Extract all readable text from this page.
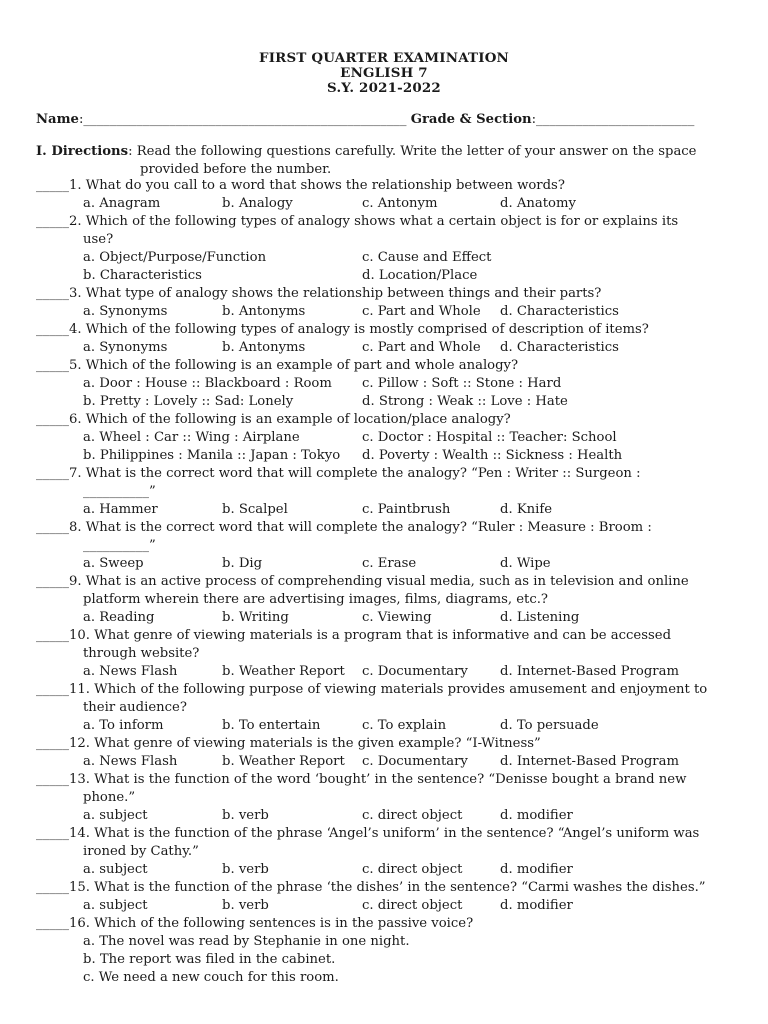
FIRST QUARTER EXAMINATION
ENGLISH 7
S.Y. 2021-2022
Name:_________________________________________________ Grade & Section:________________________
I. Directions: Read the following questions carefully. Write the letter of your answer on the space
provided before the number.
_____1. What do you call to a word that shows the relationship between words?
a. Anagram	b. Analogy	c. Antonym	d. Anatomy
_____2. Which of the following types of analogy shows what a certain object is for or explains its
use?
a. Object/Purpose/Function	c. Cause and Effect
b. Characteristics	d. Location/Place
_____3. What type of analogy shows the relationship between things and their parts?
a. Synonyms	b. Antonyms	c. Part and Whole d. Characteristics
_____4. Which of the following types of analogy is mostly comprised of description of items?
a. Synonyms	b. Antonyms	c. Part and Whole d. Characteristics
_____5. Which of the following is an example of part and whole analogy?
a. Door : House :: Blackboard : Room c. Pillow : Soft :: Stone : Hard
b. Pretty : Lovely :: Sad: Lonely	d. Strong : Weak :: Love : Hate
_____6. Which of the following is an example of location/place analogy?
a. Wheel : Car :: Wing : Airplane	c. Doctor : Hospital :: Teacher: School
b. Philippines : Manila :: Japan : Tokyo d. Poverty : Wealth :: Sickness : Health
_____7. What is the correct word that will complete the analogy? “Pen : Writer :: Surgeon :
__________”
a. Hammer	b. Scalpel	c. Paintbrush	d. Knife
_____8. What is the correct word that will complete the analogy? “Ruler : Measure : Broom :
__________”
a. Sweep	b. Dig	c. Erase	d. Wipe
_____9. What is an active process of comprehending visual media, such as in television and online
platform wherein there are advertising images, films, diagrams, etc.?
a. Reading	b. Writing	c. Viewing	d. Listening
_____10. What genre of viewing materials is a program that is informative and can be accessed
through website?
a. News Flash	b. Weather Report c. Documentary d. Internet-Based Program
_____11. Which of the following purpose of viewing materials provides amusement and enjoyment to
their audience?
a. To inform	b. To entertain	c. To explain	d. To persuade
_____12. What genre of viewing materials is the given example? “I-Witness”
a. News Flash	b. Weather Report c. Documentary d. Internet-Based Program
_____13. What is the function of the word ‘bought’ in the sentence? “Denisse bought a brand new
phone.”
a. subject	b. verb	c. direct object	d. modifier
_____14. What is the function of the phrase ‘Angel’s uniform’ in the sentence? “Angel’s uniform was
ironed by Cathy.”
a. subject	b. verb	c. direct object	d. modifier
_____15. What is the function of the phrase ‘the dishes’ in the sentence? “Carmi washes the dishes.”
a. subject	b. verb	c. direct object	d. modifier
_____16. Which of the following sentences is in the passive voice?
a. The novel was read by Stephanie in one night.
b. The report was filed in the cabinet.
c. We need a new couch for this room.
